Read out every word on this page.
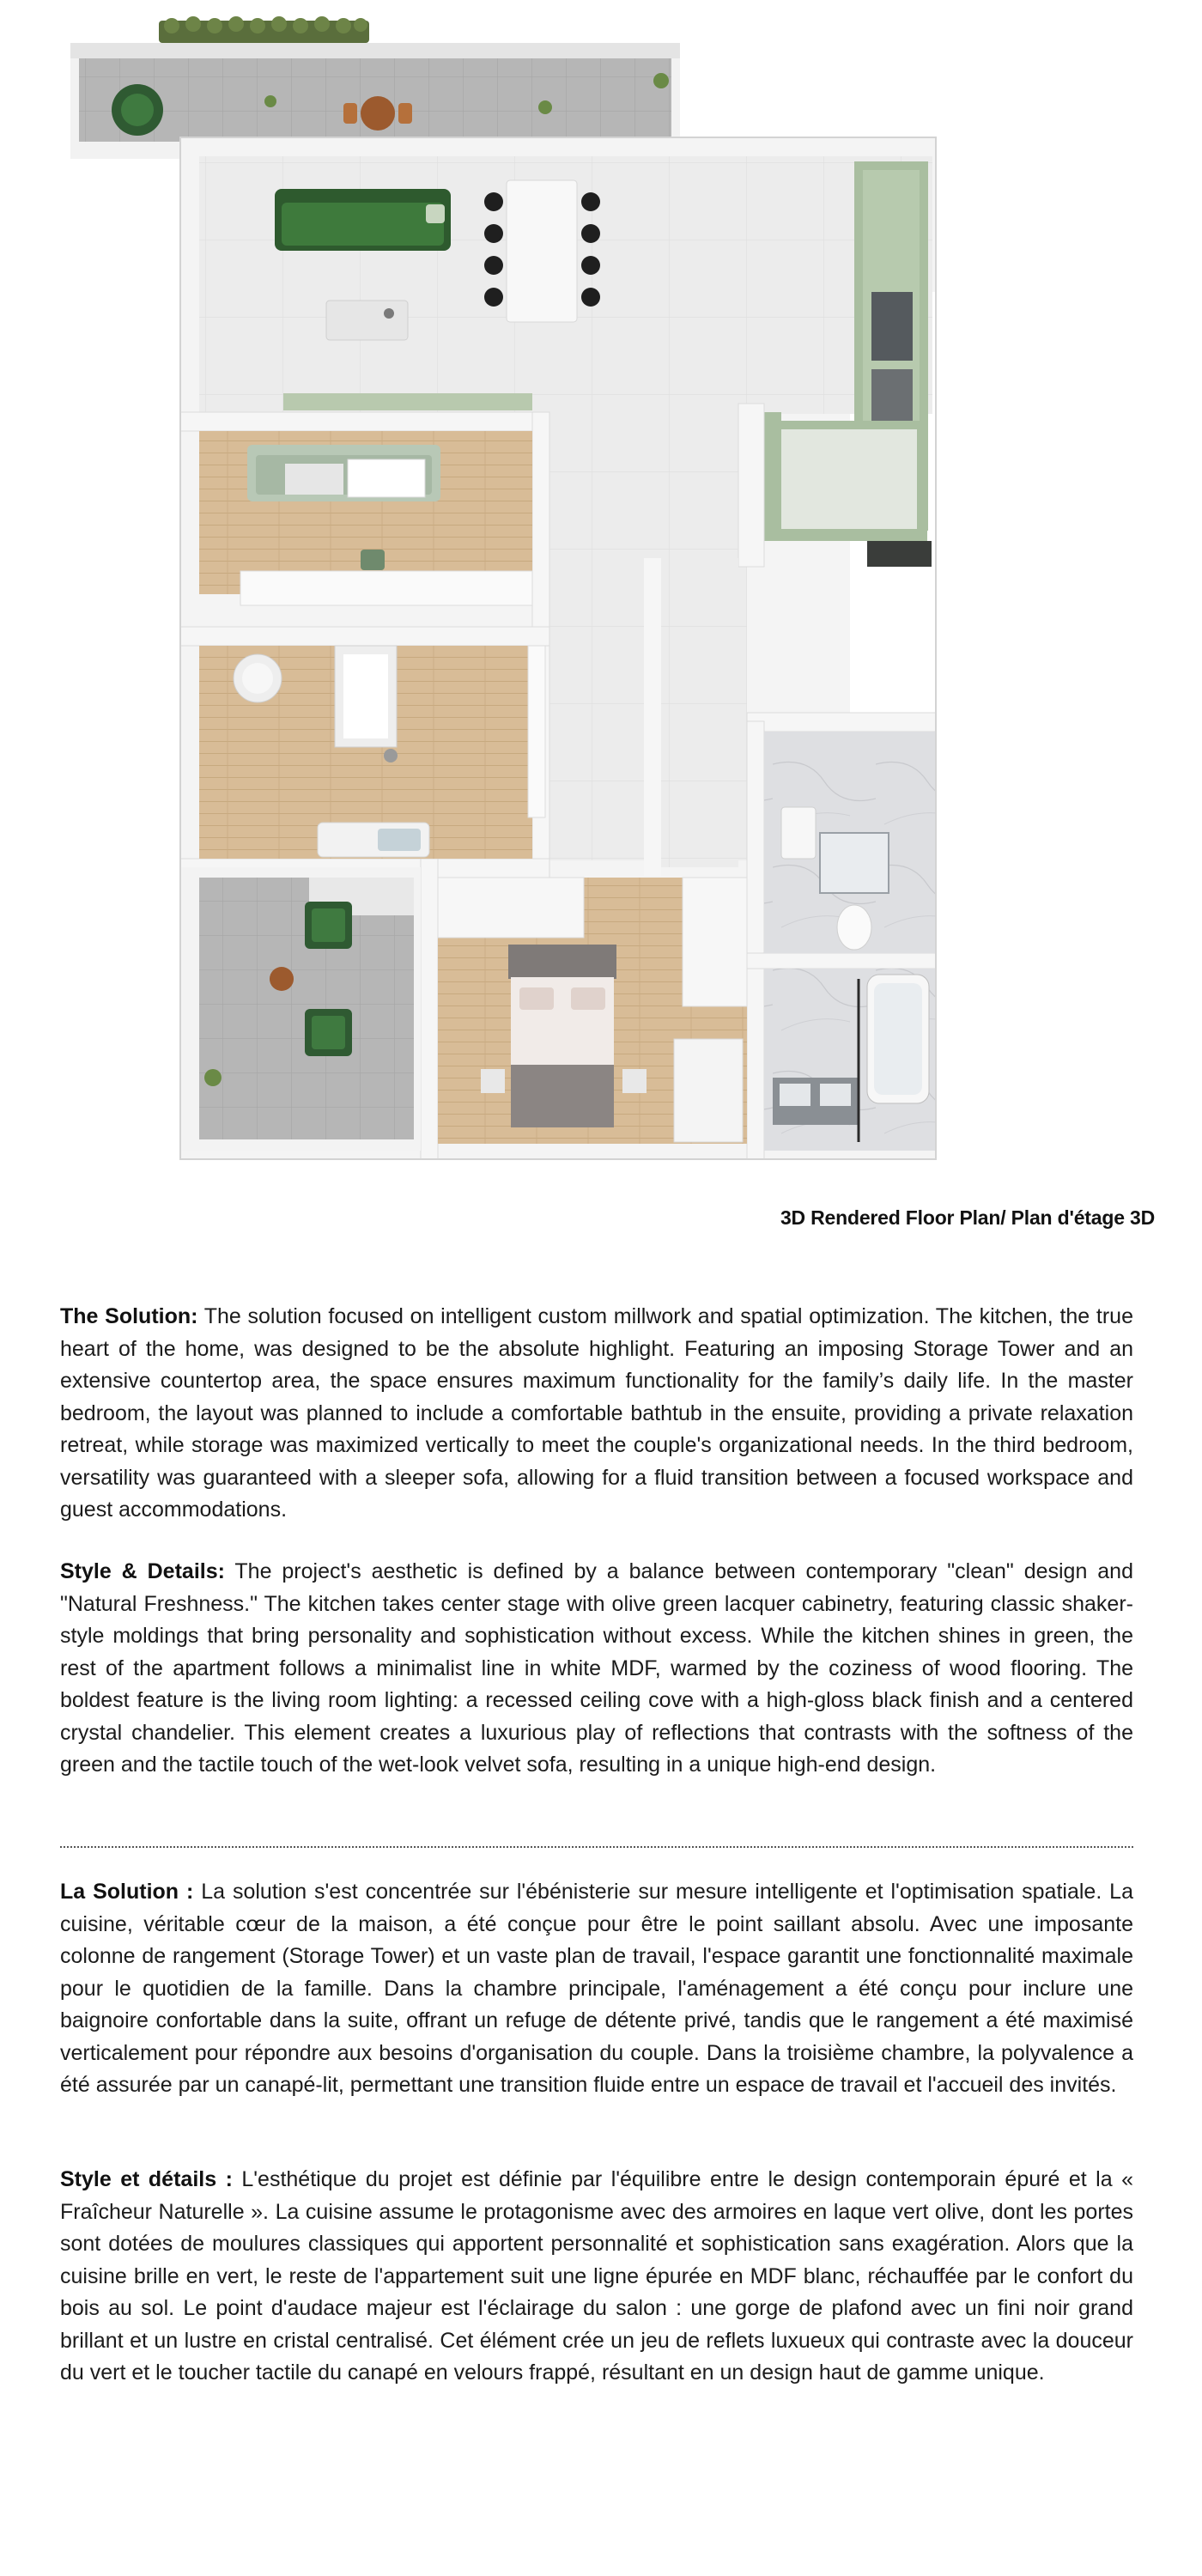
3D Rendered Floor Plan/ Plan d'étage 3D

The Solution: The solution focused on intelligent custom millwork and spatial optimization. The kitchen, the true heart of the home, was designed to be the absolute highlight. Featuring an imposing Storage Tower and an extensive countertop area, the space ensures maximum functionality for the family’s daily life. In the master bedroom, the layout was planned to include a comfortable bathtub in the ensuite, providing a private relaxation retreat, while storage was maximized vertically to meet the couple's organizational needs. In the third bedroom, versatility was guaranteed with a sleeper sofa, allowing for a fluid transition between a focused workspace and guest accommodations.

Style & Details: The project's aesthetic is defined by a balance between contemporary "clean" design and "Natural Freshness." The kitchen takes center stage with olive green lacquer cabinetry, featuring classic shaker-style moldings that bring personality and sophistication without excess. While the kitchen shines in green, the rest of the apartment follows a minimalist line in white MDF, warmed by the coziness of wood flooring. The boldest feature is the living room lighting: a recessed ceiling cove with a high-gloss black finish and a centered crystal chandelier. This element creates a luxurious play of reflections that contrasts with the softness of the green and the tactile touch of the wet-look velvet sofa, resulting in a unique high-end design.

La Solution : La solution s'est concentrée sur l'ébénisterie sur mesure intelligente et l'optimisation spatiale. La cuisine, véritable cœur de la maison, a été conçue pour être le point saillant absolu. Avec une imposante colonne de rangement (Storage Tower) et un vaste plan de travail, l'espace garantit une fonctionnalité maximale pour le quotidien de la famille. Dans la chambre principale, l'aménagement a été conçu pour inclure une baignoire confortable dans la suite, offrant un refuge de détente privé, tandis que le rangement a été maximisé verticalement pour répondre aux besoins d'organisation du couple. Dans la troisième chambre, la polyvalence a été assurée par un canapé-lit, permettant une transition fluide entre un espace de travail et l'accueil des invités.

Style et détails : L'esthétique du projet est définie par l'équilibre entre le design contemporain épuré et la « Fraîcheur Naturelle ». La cuisine assume le protagonisme avec des armoires en laque vert olive, dont les portes sont dotées de moulures classiques qui apportent personnalité et sophistication sans exagération. Alors que la cuisine brille en vert, le reste de l'appartement suit une ligne épurée en MDF blanc, réchauffée par le confort du bois au sol. Le point d'audace majeur est l'éclairage du salon : une gorge de plafond avec un fini noir grand brillant et un lustre en cristal centralisé. Cet élément crée un jeu de reflets luxueux qui contraste avec la douceur du vert et le toucher tactile du canapé en velours frappé, résultant en un design haut de gamme unique.
